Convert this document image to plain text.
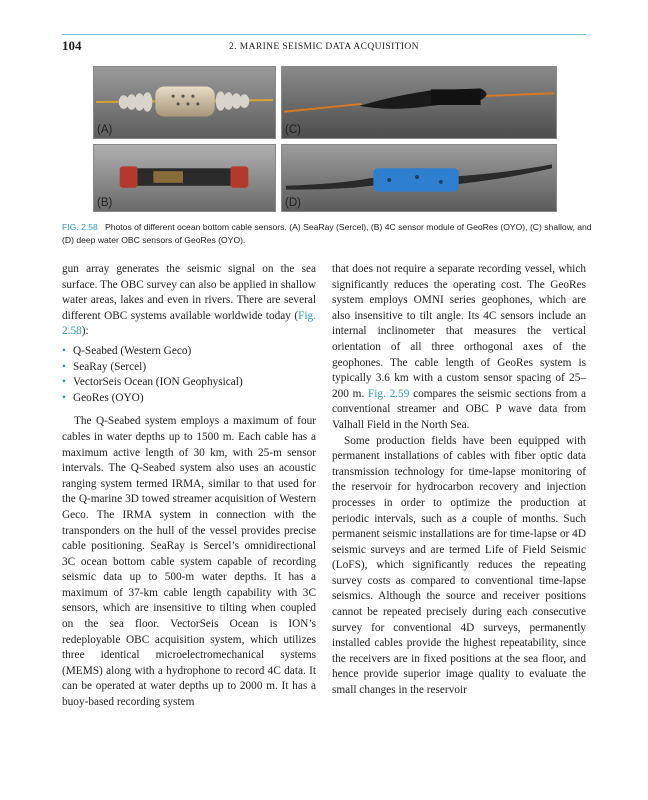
104	2. MARINE SEISMIC DATA ACQUISITION
(A)	(C)
(B)	(D)
FIG. 2.58 Photos of different ocean bottom cable sensors. (A) SeaRay (Sercel), (B) 4C sensor module of GeoRes (OYO), (C) shallow, and (D) deep water OBC sensors of GeoRes (OYO).

gun array generates the seismic signal on the sea surface. The OBC survey can also be applied in shallow water areas, lakes and even in rivers. There are several different OBC systems available worldwide today (Fig. 2.58):

• Q-Seabed (Western Geco)
• SeaRay (Sercel)
• VectorSeis Ocean (ION Geophysical)
• GeoRes (OYO)

The Q-Seabed system employs a maximum of four cables in water depths up to 1500 m. Each cable has a maximum active length of 30 km, with 25-m sensor intervals. The Q-Seabed system also uses an acoustic ranging system termed IRMA, similar to that used for the Q-marine 3D towed streamer acquisition of Western Geco. The IRMA system in connection with the transponders on the hull of the vessel provides precise cable positioning. SeaRay is Sercel’s omnidirectional 3C ocean bottom cable system capable of recording seismic data up to 500-m water depths. It has a maximum of 37-km cable length capability with 3C sensors, which are insensitive to tilting when coupled on the sea floor. VectorSeis Ocean is ION’s redeployable OBC acquisition system, which utilizes three identical microelectromechanical systems (MEMS) along with a hydrophone to record 4C data. It can be operated at water depths up to 2000 m. It has a buoy-based recording system

that does not require a separate recording vessel, which significantly reduces the operating cost. The GeoRes system employs OMNI series geophones, which are also insensitive to tilt angle. Its 4C sensors include an internal inclinometer that measures the vertical orientation of all three orthogonal axes of the geophones. The cable length of GeoRes system is typically 3.6 km with a custom sensor spacing of 25–200 m. Fig. 2.59 compares the seismic sections from a conventional streamer and OBC P wave data from Valhall Field in the North Sea.

Some production fields have been equipped with permanent installations of cables with fiber optic data transmission technology for time-lapse monitoring of the reservoir for hydrocarbon recovery and injection processes in order to optimize the production at periodic intervals, such as a couple of months. Such permanent seismic installations are for time-lapse or 4D seismic surveys and are termed Life of Field Seismic (LoFS), which significantly reduces the repeating survey costs as compared to conventional time-lapse seismics. Although the source and receiver positions cannot be repeated precisely during each consecutive survey for conventional 4D surveys, permanently installed cables provide the highest repeatability, since the receivers are in fixed positions at the sea floor, and hence provide superior image quality to evaluate the small changes in the reservoir
